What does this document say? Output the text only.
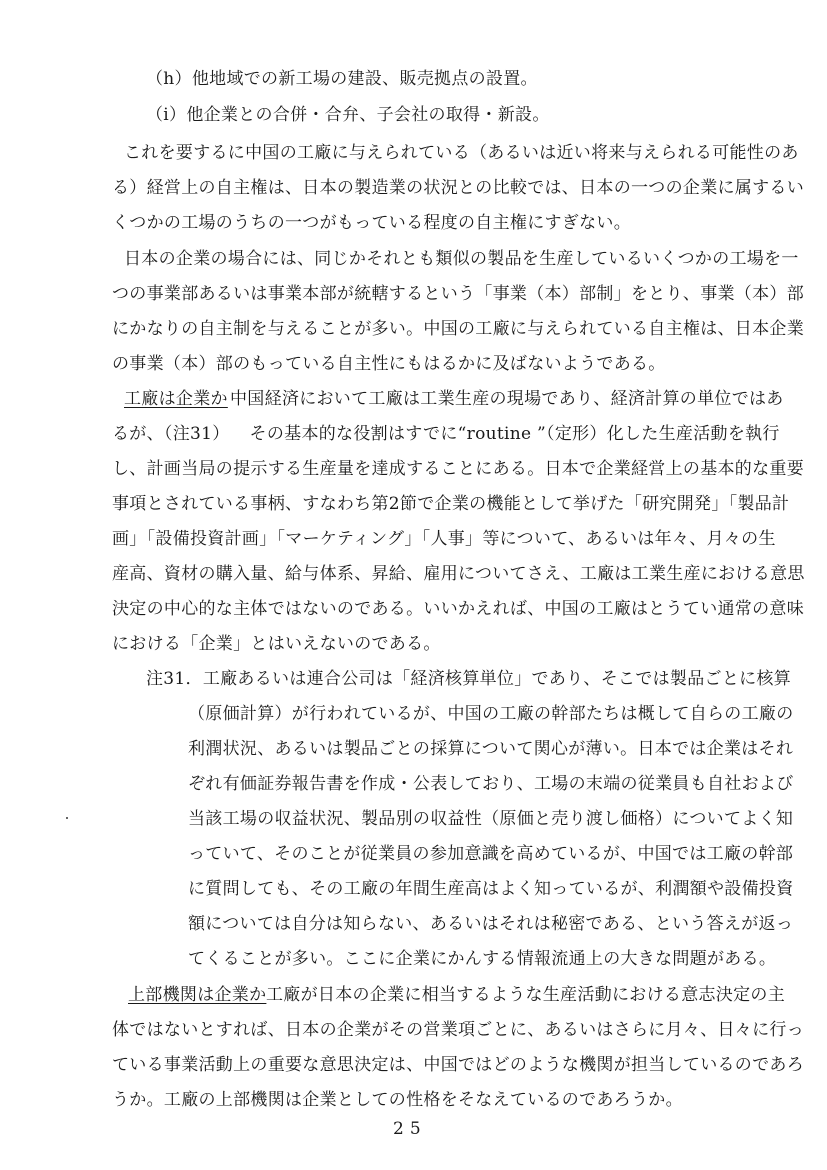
（h）他地域での新工場の建設、販売拠点の設置。
（i）他企業との合併・合弁、子会社の取得・新設。
これを要するに中国の工廠に与えられている（あるいは近い将来与えられる可能性のあ
る）経営上の自主権は、日本の製造業の状況との比較では、日本の一つの企業に属するい
くつかの工場のうちの一つがもっている程度の自主権にすぎない。
日本の企業の場合には、同じかそれとも類似の製品を生産しているいくつかの工場を一
つの事業部あるいは事業本部が統轄するという「事業（本）部制」をとり、事業（本）部
にかなりの自主制を与えることが多い。中国の工廠に与えられている自主権は、日本企業
の事業（本）部のもっている自主性にもはるかに及ばないようである。
工廠は企業か 中国経済において工廠は工業生産の現場であり、経済計算の単位ではあ
るが、（注31） その基本的な役割はすでに“routine ”（定形）化した生産活動を執行
し、計画当局の提示する生産量を達成することにある。日本で企業経営上の基本的な重要
事項とされている事柄、すなわち第2節で企業の機能として挙げた「研究開発」「製品計
画」「設備投資計画」「マーケティング」「人事」等について、あるいは年々、月々の生
産高、資材の購入量、給与体系、昇給、雇用についてさえ、工廠は工業生産における意思
決定の中心的な主体ではないのである。いいかえれば、中国の工廠はとうてい通常の意味
における「企業」とはいえないのである。
注31．工廠あるいは連合公司は「経済核算単位」であり、そこでは製品ごとに核算
（原価計算）が行われているが、中国の工廠の幹部たちは概して自らの工廠の
利潤状況、あるいは製品ごとの採算について関心が薄い。日本では企業はそれ
ぞれ有価証券報告書を作成・公表しており、工場の末端の従業員も自社および
当該工場の収益状況、製品別の収益性（原価と売り渡し価格）についてよく知
っていて、そのことが従業員の参加意識を高めているが、中国では工廠の幹部
に質問しても、その工廠の年間生産高はよく知っているが、利潤額や設備投資
額については自分は知らない、あるいはそれは秘密である、という答えが返っ
てくることが多い。ここに企業にかんする情報流通上の大きな問題がある。
上部機関は企業か 工廠が日本の企業に相当するような生産活動における意志決定の主
体ではないとすれば、日本の企業がその営業項ごとに、あるいはさらに月々、日々に行っ
ている事業活動上の重要な意思決定は、中国ではどのような機関が担当しているのであろ
うか。工廠の上部機関は企業としての性格をそなえているのであろうか。
25
